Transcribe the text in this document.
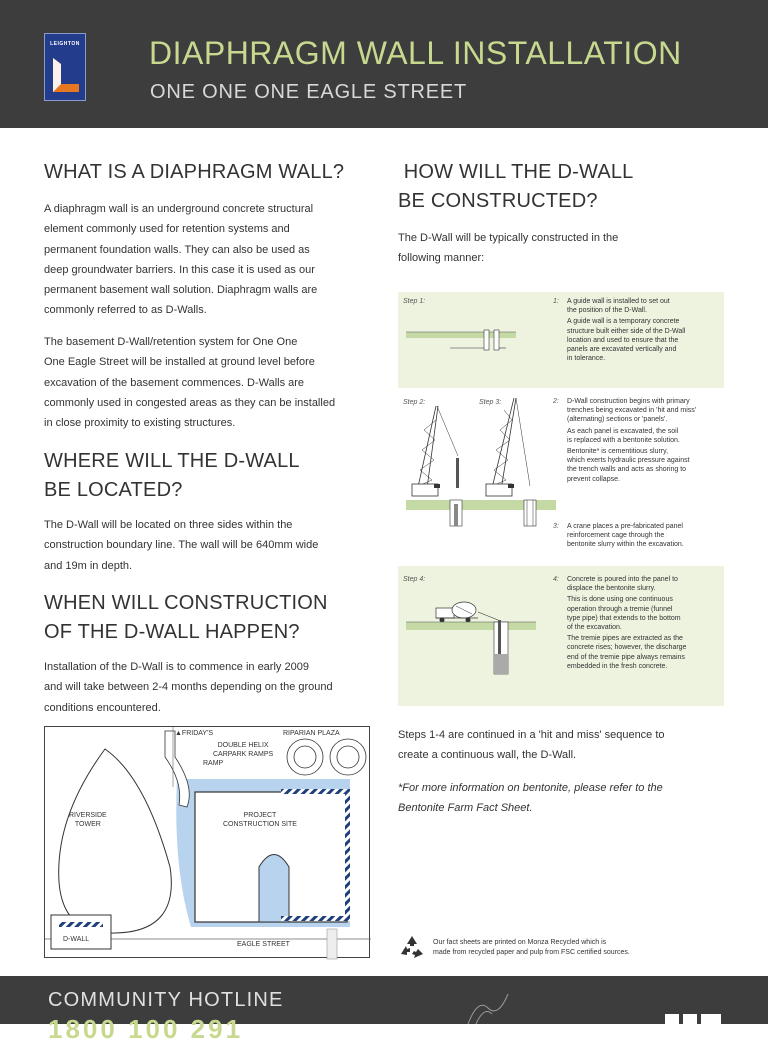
LEIGHTON DIAPHRAGM WALL INSTALLATION
ONE ONE ONE EAGLE STREET
WHAT IS A DIAPHRAGM WALL?
A diaphragm wall is an underground concrete structural
element commonly used for retention systems and
permanent foundation walls. They can also be used as
deep groundwater barriers. In this case it is used as our
permanent basement wall solution. Diaphragm walls are
commonly referred to as D-Walls.
The basement D-Wall/retention system for One One
One Eagle Street will be installed at ground level before
excavation of the basement commences. D-Walls are
commonly used in congested areas as they can be installed
in close proximity to existing structures.
WHERE WILL THE D-WALL
BE LOCATED?
The D-Wall will be located on three sides within the
construction boundary line. The wall will be 640mm wide
and 19m in depth.
WHEN WILL CONSTRUCTION
OF THE D-WALL HAPPEN?
Installation of the D-Wall is to commence in early 2009
and will take between 2-4 months depending on the ground
conditions encountered.
▲FRIDAY'S	RIPARIAN PLAZA
DOUBLE HELIX
CARPARK RAMPS
RAMP
RIVERSIDE
TOWER
PROJECT
CONSTRUCTION SITE
D-WALL
EAGLE STREET
HOW WILL THE D-WALL
BE CONSTRUCTED?
The D-Wall will be typically constructed in the
following manner:
Step 1:	1: A guide wall is installed to set out
the position of the D-Wall.
A guide wall is a temporary concrete
structure built either side of the D-Wall
location and used to ensure that the
panels are excavated vertically and
in tolerance.
Step 2:	Step 3:	2: D-Wall construction begins with primary
trenches being excavated in 'hit and miss'
(alternating) sections or 'panels'.
As each panel is excavated, the soil
is replaced with a bentonite solution.
Bentonite* is cementitious slurry,
which exerts hydraulic pressure against
the trench walls and acts as shoring to
prevent collapse.
3: A crane places a pre-fabricated panel
reinforcement cage through the
bentonite slurry within the excavation.
Step 4:	4: Concrete is poured into the panel to
displace the bentonite slurry.
This is done using one continuous
operation through a tremie (funnel
type pipe) that extends to the bottom
of the excavation.
The tremie pipes are extracted as the
concrete rises; however, the discharge
end of the tremie pipe always remains
embedded in the fresh concrete.
Steps 1-4 are continued in a 'hit and miss' sequence to
create a continuous wall, the D-Wall.
*For more information on bentonite, please refer to the
Bentonite Farm Fact Sheet.
Our fact sheets are printed on Monza Recycled which is
made from recycled paper and pulp from FSC certified sources.
COMMUNITY HOTLINE
1800 100 291
